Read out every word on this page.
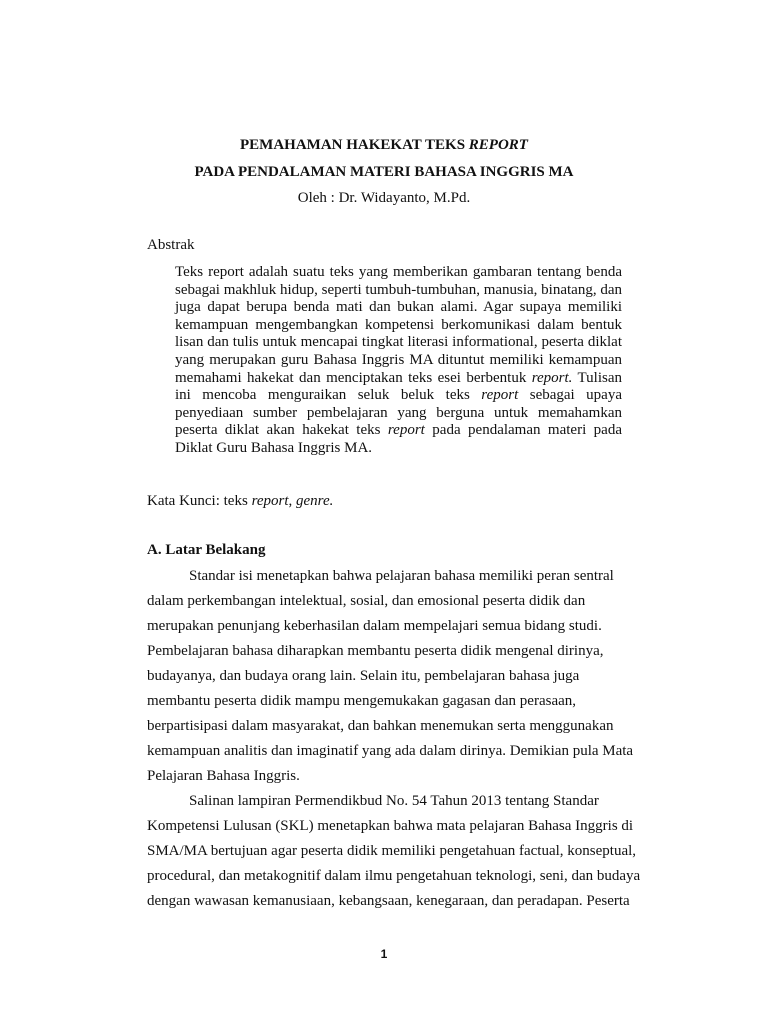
PEMAHAMAN HAKEKAT TEKS REPORT
PADA PENDALAMAN MATERI BAHASA INGGRIS MA
Oleh : Dr. Widayanto, M.Pd.
Abstrak

Teks report adalah suatu teks yang memberikan gambaran tentang benda sebagai makhluk hidup, seperti tumbuh-tumbuhan, manusia, binatang, dan juga dapat berupa benda mati dan bukan alami. Agar supaya memiliki kemampuan mengembangkan kompetensi berkomunikasi dalam bentuk lisan dan tulis untuk mencapai tingkat literasi informational, peserta diklat yang merupakan guru Bahasa Inggris MA dituntut memiliki kemampuan memahami hakekat dan menciptakan teks esei berbentuk report. Tulisan ini mencoba menguraikan seluk beluk teks report sebagai upaya penyediaan sumber pembelajaran yang berguna untuk memahamkan peserta diklat akan hakekat teks report pada pendalaman materi pada Diklat Guru Bahasa Inggris MA.

Kata Kunci: teks report, genre.
A. Latar Belakang
Standar isi menetapkan bahwa pelajaran bahasa memiliki peran sentral
dalam perkembangan intelektual, sosial, dan emosional peserta didik dan
merupakan penunjang keberhasilan dalam mempelajari semua bidang studi.
Pembelajaran bahasa diharapkan membantu peserta didik mengenal dirinya,
budayanya, dan budaya orang lain. Selain itu, pembelajaran bahasa juga
membantu peserta didik mampu mengemukakan gagasan dan perasaan,
berpartisipasi dalam masyarakat, dan bahkan menemukan serta menggunakan
kemampuan analitis dan imaginatif yang ada dalam dirinya. Demikian pula Mata
Pelajaran Bahasa Inggris.
Salinan lampiran Permendikbud No. 54 Tahun 2013 tentang Standar
Kompetensi Lulusan (SKL) menetapkan bahwa mata pelajaran Bahasa Inggris di
SMA/MA bertujuan agar peserta didik memiliki pengetahuan factual, konseptual,
procedural, dan metakognitif dalam ilmu pengetahuan teknologi, seni, dan budaya
dengan wawasan kemanusiaan, kebangsaan, kenegaraan, dan peradapan. Peserta
1
